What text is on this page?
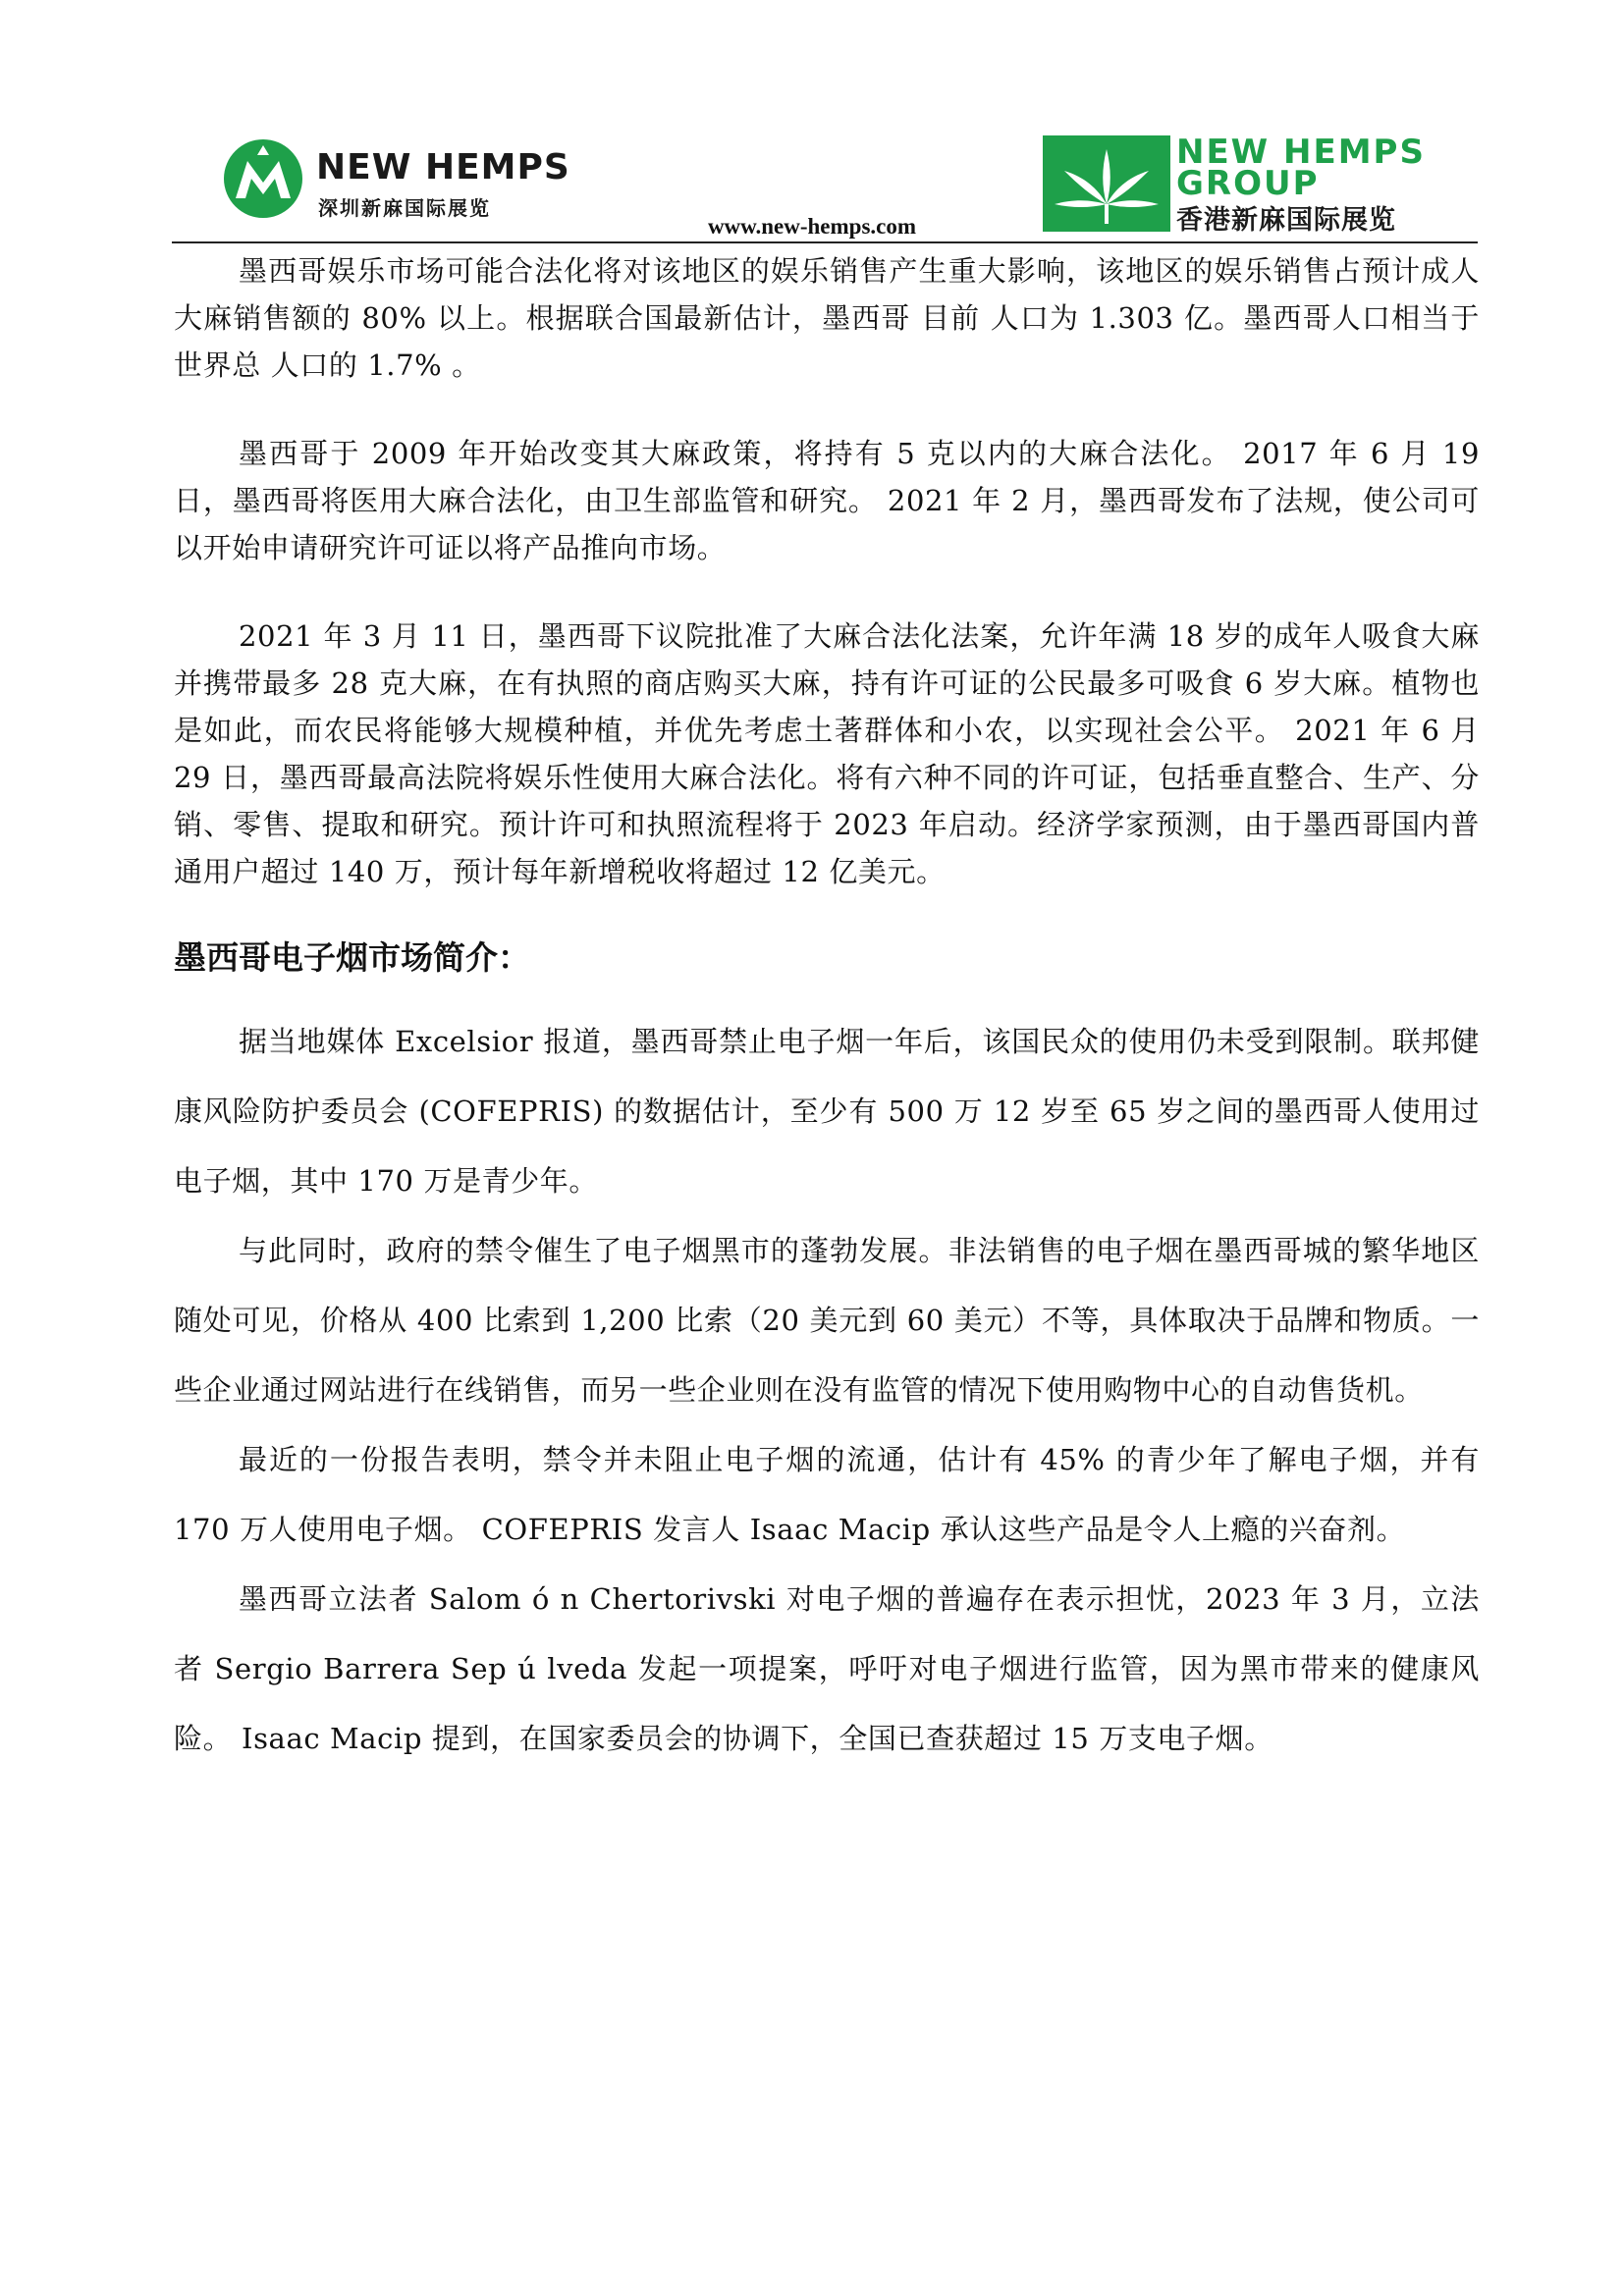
NEW HEMPS
深圳新麻国际展览
NEW HEMPS
GROUP
香港新麻国际展览
www.new-hemps.com

墨西哥娱乐市场可能合法化将对该地区的娱乐销售产生重大影响，该地区的娱乐销售占预计成人大麻销售额的 80% 以上。根据联合国最新估计，墨西哥 目前 人口为 1.303 亿。墨西哥人口相当于世界总 人口的 1.7% 。

墨西哥于 2009 年开始改变其大麻政策，将持有 5 克以内的大麻合法化。 2017 年 6 月 19 日，墨西哥将医用大麻合法化，由卫生部监管和研究。 2021 年 2 月，墨西哥发布了法规，使公司可以开始申请研究许可证以将产品推向市场。

2021 年 3 月 11 日，墨西哥下议院批准了大麻合法化法案，允许年满 18 岁的成年人吸食大麻并携带最多 28 克大麻，在有执照的商店购买大麻，持有许可证的公民最多可吸食 6 岁大麻。植物也是如此，而农民将能够大规模种植，并优先考虑土著群体和小农，以实现社会公平。 2021 年 6 月 29 日，墨西哥最高法院将娱乐性使用大麻合法化。将有六种不同的许可证，包括垂直整合、生产、分销、零售、提取和研究。预计许可和执照流程将于 2023 年启动。经济学家预测，由于墨西哥国内普通用户超过 140 万，预计每年新增税收将超过 12 亿美元。

墨西哥电子烟市场简介：

据当地媒体 Excelsior 报道，墨西哥禁止电子烟一年后，该国民众的使用仍未受到限制。联邦健康风险防护委员会 (COFEPRIS) 的数据估计，至少有 500 万 12 岁至 65 岁之间的墨西哥人使用过电子烟，其中 170 万是青少年。

与此同时，政府的禁令催生了电子烟黑市的蓬勃发展。非法销售的电子烟在墨西哥城的繁华地区随处可见，价格从 400 比索到 1,200 比索（20 美元到 60 美元）不等，具体取决于品牌和物质。一些企业通过网站进行在线销售，而另一些企业则在没有监管的情况下使用购物中心的自动售货机。

最近的一份报告表明，禁令并未阻止电子烟的流通，估计有 45% 的青少年了解电子烟，并有 170 万人使用电子烟。 COFEPRIS 发言人 Isaac Macip 承认这些产品是令人上瘾的兴奋剂。

墨西哥立法者 Salom ó n Chertorivski 对电子烟的普遍存在表示担忧，2023 年 3 月，立法者 Sergio Barrera Sep ú lveda 发起一项提案，呼吁对电子烟进行监管，因为黑市带来的健康风险。 Isaac Macip 提到，在国家委员会的协调下，全国已查获超过 15 万支电子烟。
